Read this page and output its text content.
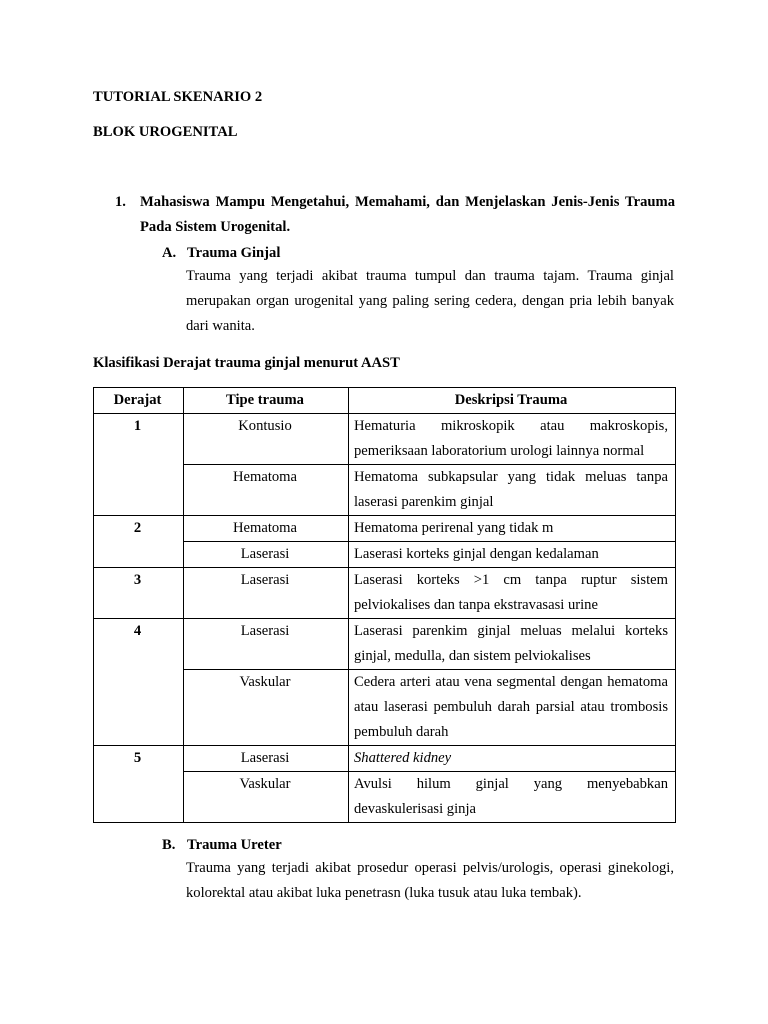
TUTORIAL SKENARIO 2
BLOK UROGENITAL
1. Mahasiswa Mampu Mengetahui, Memahami, dan Menjelaskan Jenis-Jenis Trauma Pada Sistem Urogenital.
A. Trauma Ginjal
Trauma yang terjadi akibat trauma tumpul dan trauma tajam. Trauma ginjal merupakan organ urogenital yang paling sering cedera, dengan pria lebih banyak dari wanita.
Klasifikasi Derajat trauma ginjal menurut AAST
Derajat	Tipe trauma	Deskripsi Trauma
1	Kontusio	Hematuria mikroskopik atau makroskopis, pemeriksaan laboratorium urologi lainnya normal
	Hematoma	Hematoma subkapsular yang tidak meluas tanpa laserasi parenkim ginjal
2	Hematoma	Hematoma perirenal yang tidak m
	Laserasi	Laserasi korteks ginjal dengan kedalaman
3	Laserasi	Laserasi korteks >1 cm tanpa ruptur sistem pelviokalises dan tanpa ekstravasasi urine
4	Laserasi	Laserasi parenkim ginjal meluas melalui korteks ginjal, medulla, dan sistem pelviokalises
	Vaskular	Cedera arteri atau vena segmental dengan hematoma atau laserasi pembuluh darah parsial atau trombosis pembuluh darah
5	Laserasi	Shattered kidney
	Vaskular	Avulsi hilum ginjal yang menyebabkan devaskulerisasi ginja
B. Trauma Ureter
Trauma yang terjadi akibat prosedur operasi pelvis/urologis, operasi ginekologi, kolorektal atau akibat luka penetrasn (luka tusuk atau luka tembak).
